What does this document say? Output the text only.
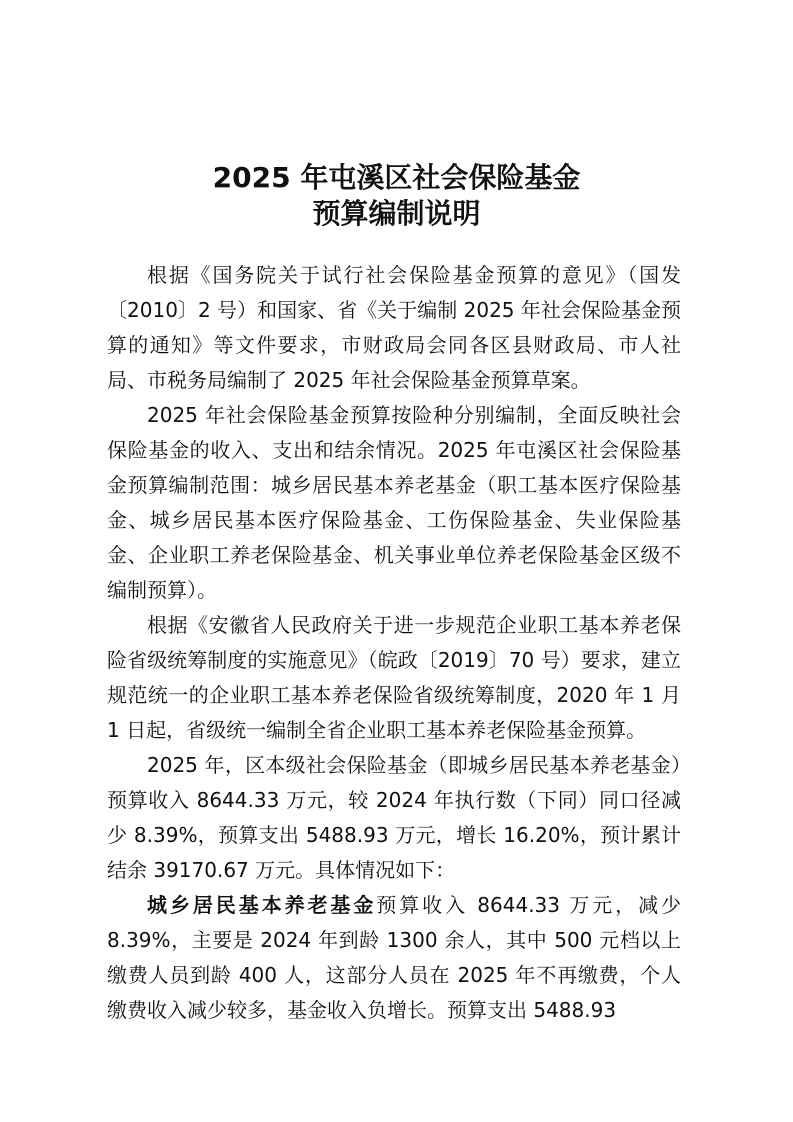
2025 年屯溪区社会保险基金
预算编制说明

根据《国务院关于试行社会保险基金预算的意见》（国发〔2010〕2 号）和国家、省《关于编制 2025 年社会保险基金预算的通知》等文件要求，市财政局会同各区县财政局、市人社局、市税务局编制了 2025 年社会保险基金预算草案。

2025 年社会保险基金预算按险种分别编制，全面反映社会保险基金的收入、支出和结余情况。2025 年屯溪区社会保险基金预算编制范围：城乡居民基本养老基金（职工基本医疗保险基金、城乡居民基本医疗保险基金、工伤保险基金、失业保险基金、企业职工养老保险基金、机关事业单位养老保险基金区级不编制预算）。

根据《安徽省人民政府关于进一步规范企业职工基本养老保险省级统筹制度的实施意见》（皖政〔2019〕70 号）要求，建立规范统一的企业职工基本养老保险省级统筹制度，2020 年 1 月 1 日起，省级统一编制全省企业职工基本养老保险基金预算。

2025 年，区本级社会保险基金（即城乡居民基本养老基金）预算收入 8644.33 万元，较 2024 年执行数（下同）同口径减少 8.39%，预算支出 5488.93 万元，增长 16.20%，预计累计结余 39170.67 万元。具体情况如下：

城乡居民基本养老基金预算收入 8644.33 万元，减少 8.39%，主要是 2024 年到龄 1300 余人，其中 500 元档以上缴费人员到龄 400 人，这部分人员在 2025 年不再缴费，个人缴费收入减少较多，基金收入负增长。预算支出 5488.93
